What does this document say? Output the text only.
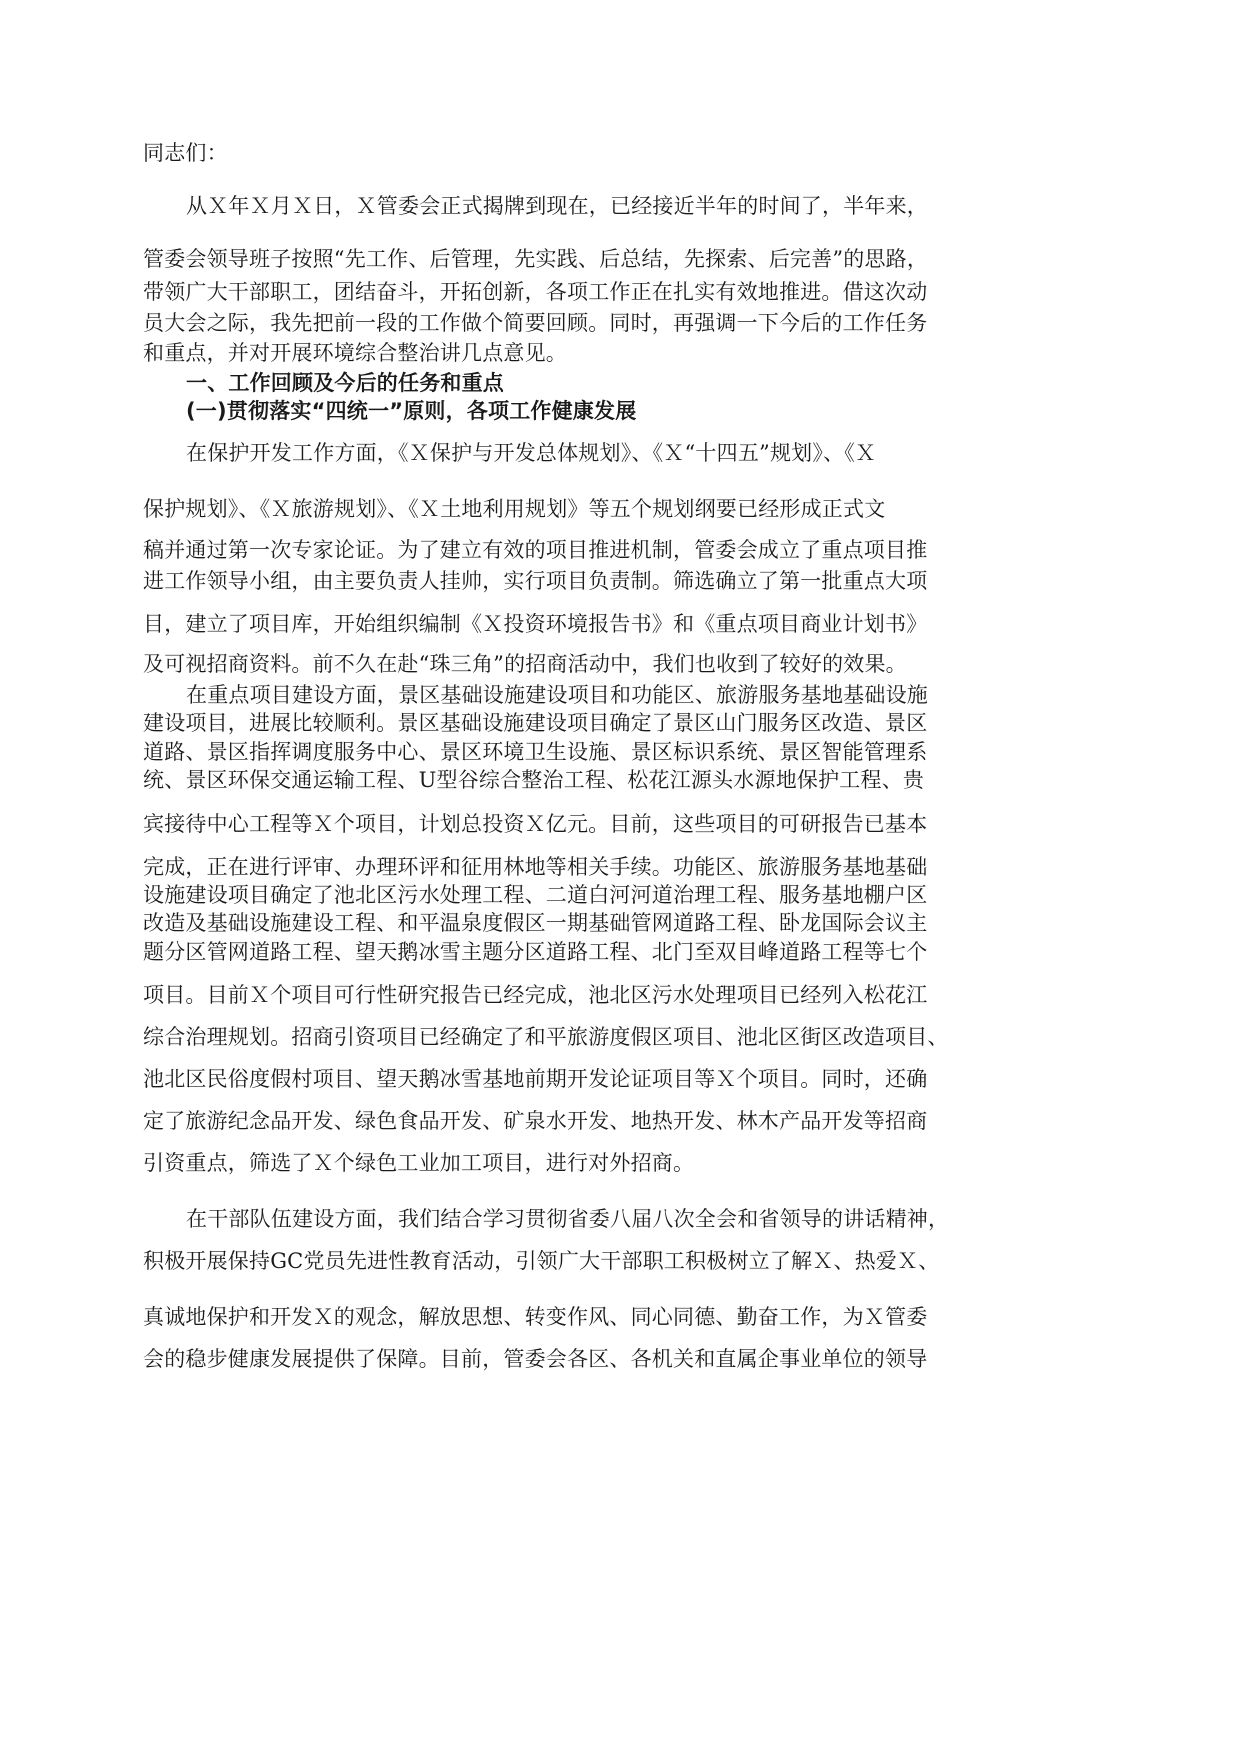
同志们：
从Ｘ年Ｘ月Ｘ日，Ｘ管委会正式揭牌到现在，已经接近半年的时间了，半年来，
管委会领导班子按照“先工作、后管理，先实践、后总结，先探索、后完善”的思路，
带领广大干部职工，团结奋斗，开拓创新，各项工作正在扎实有效地推进。借这次动
员大会之际，我先把前一段的工作做个简要回顾。同时，再强调一下今后的工作任务
和重点，并对开展环境综合整治讲几点意见。
一、工作回顾及今后的任务和重点
(一)贯彻落实“四统一”原则，各项工作健康发展
在保护开发工作方面，《Ｘ保护与开发总体规划》、《Ｘ“十四五”规划》、《Ｘ
保护规划》、《Ｘ旅游规划》、《Ｘ土地利用规划》等五个规划纲要已经形成正式文
稿并通过第一次专家论证。为了建立有效的项目推进机制，管委会成立了重点项目推
进工作领导小组，由主要负责人挂帅，实行项目负责制。筛选确立了第一批重点大项
目，建立了项目库，开始组织编制《Ｘ投资环境报告书》和《重点项目商业计划书》
及可视招商资料。前不久在赴“珠三角”的招商活动中，我们也收到了较好的效果。
在重点项目建设方面，景区基础设施建设项目和功能区、旅游服务基地基础设施
建设项目，进展比较顺利。景区基础设施建设项目确定了景区山门服务区改造、景区
道路、景区指挥调度服务中心、景区环境卫生设施、景区标识系统、景区智能管理系
统、景区环保交通运输工程、U型谷综合整治工程、松花江源头水源地保护工程、贵
宾接待中心工程等Ｘ个项目，计划总投资Ｘ亿元。目前，这些项目的可研报告已基本
完成，正在进行评审、办理环评和征用林地等相关手续。功能区、旅游服务基地基础
设施建设项目确定了池北区污水处理工程、二道白河河道治理工程、服务基地棚户区
改造及基础设施建设工程、和平温泉度假区一期基础管网道路工程、卧龙国际会议主
题分区管网道路工程、望天鹅冰雪主题分区道路工程、北门至双目峰道路工程等七个
项目。目前Ｘ个项目可行性研究报告已经完成，池北区污水处理项目已经列入松花江
综合治理规划。招商引资项目已经确定了和平旅游度假区项目、池北区街区改造项目、
池北区民俗度假村项目、望天鹅冰雪基地前期开发论证项目等Ｘ个项目。同时，还确
定了旅游纪念品开发、绿色食品开发、矿泉水开发、地热开发、林木产品开发等招商
引资重点，筛选了Ｘ个绿色工业加工项目，进行对外招商。
在干部队伍建设方面，我们结合学习贯彻省委八届八次全会和省领导的讲话精神，
积极开展保持GC党员先进性教育活动，引领广大干部职工积极树立了解Ｘ、热爱Ｘ、
真诚地保护和开发Ｘ的观念，解放思想、转变作风、同心同德、勤奋工作，为Ｘ管委
会的稳步健康发展提供了保障。目前，管委会各区、各机关和直属企事业单位的领导
